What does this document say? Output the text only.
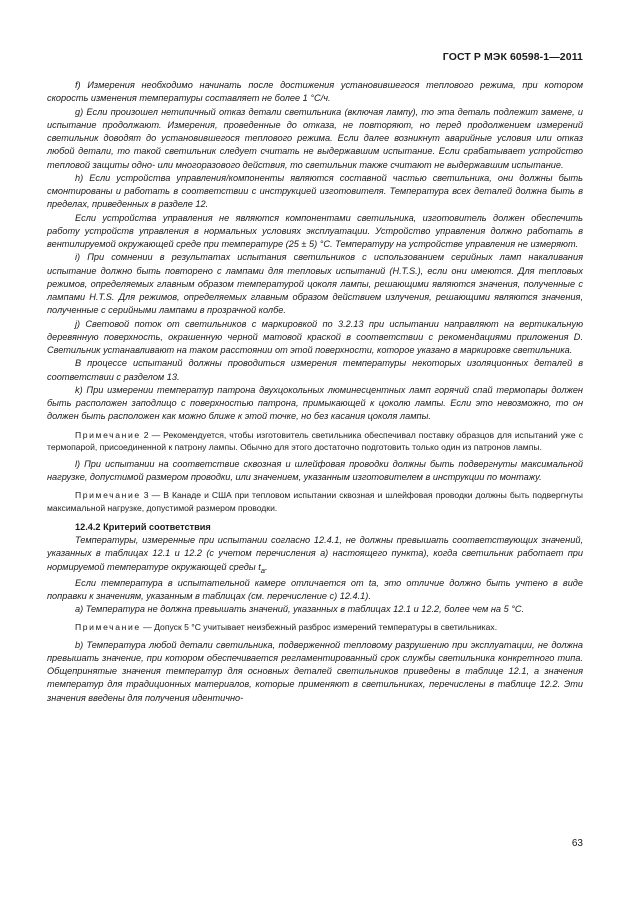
ГОСТ Р МЭК 60598-1—2011

f) Измерения необходимо начинать после достижения установившегося теплового режима, при котором скорость изменения температуры составляет не более 1 °С/ч.

g) Если произошел нетипичный отказ детали светильника (включая лампу), то эта деталь подлежит замене, и испытание продолжают. Измерения, проведенные до отказа, не повторяют, но перед продолжением измерений светильник доводят до установившегося теплового режима. Если далее возникнут аварийные условия или отказ любой детали, то такой светильник следует считать не выдержавшим испытание. Если срабатывает устройство тепловой защиты одно- или многоразового действия, то светильник также считают не выдержавшим испытание.

h) Если устройства управления/компоненты являются составной частью светильника, они должны быть смонтированы и работать в соответствии с инструкцией изготовителя. Температура всех деталей должна быть в пределах, приведенных в разделе 12.

Если устройства управления не являются компонентами светильника, изготовитель должен обеспечить работу устройств управления в нормальных условиях эксплуатации. Устройство управления должно работать в вентилируемой окружающей среде при температуре (25 ± 5) °С. Температуру на устройстве управления не измеряют.

i) При сомнении в результатах испытания светильников с использованием серийных ламп накаливания испытание должно быть повторено с лампами для тепловых испытаний (H.T.S.), если они имеются. Для тепловых режимов, определяемых главным образом температурой цоколя лампы, решающими являются значения, полученные с лампами H.T.S. Для режимов, определяемых главным образом действием излучения, решающими являются значения, полученные с серийными лампами в прозрачной колбе.

j) Световой поток от светильников с маркировкой по 3.2.13 при испытании направляют на вертикальную деревянную поверхность, окрашенную черной матовой краской в соответствии с рекомендациями приложения D. Светильник устанавливают на таком расстоянии от этой поверхности, которое указано в маркировке светильника.

В процессе испытаний должны проводиться измерения температуры некоторых изоляционных деталей в соответствии с разделом 13.

k) При измерении температур патрона двухцокольных люминесцентных ламп горячий спай термопары должен быть расположен заподлицо с поверхностью патрона, примыкающей к цоколю лампы. Если это невозможно, то он должен быть расположен как можно ближе к этой точке, но без касания цоколя лампы.

Примечание 2 — Рекомендуется, чтобы изготовитель светильника обеспечивал поставку образцов для испытаний уже с термопарой, присоединенной к патрону лампы. Обычно для этого достаточно подготовить только один из патронов лампы.

l) При испытании на соответствие сквозная и шлейфовая проводки должны быть подвергнуты максимальной нагрузке, допустимой размером проводки, или значением, указанным изготовителем в инструкции по монтажу.

Примечание 3 — В Канаде и США при тепловом испытании сквозная и шлейфовая проводки должны быть подвергнуты максимальной нагрузке, допустимой размером проводки.

12.4.2 Критерий соответствия

Температуры, измеренные при испытании согласно 12.4.1, не должны превышать соответствующих значений, указанных в таблицах 12.1 и 12.2 (с учетом перечисления a) настоящего пункта), когда светильник работает при нормируемой температуре окружающей среды $t_a$.

Если температура в испытательной камере отличается от ta, это отличие должно быть учтено в виде поправки к значениям, указанным в таблицах (см. перечисление c) 12.4.1).

a) Температура не должна превышать значений, указанных в таблицах 12.1 и 12.2, более чем на 5 °С.

Примечание — Допуск 5 °С учитывает неизбежный разброс измерений температуры в светильниках.

b) Температура любой детали светильника, подверженной тепловому разрушению при эксплуатации, не должна превышать значение, при котором обеспечивается регламентированный срок службы светильника конкретного типа. Общепринятые значения температур для основных деталей светильников приведены в таблице 12.1, а значения температур для традиционных материалов, которые применяют в светильниках, перечислены в таблице 12.2. Эти значения введены для получения идентично-

63
